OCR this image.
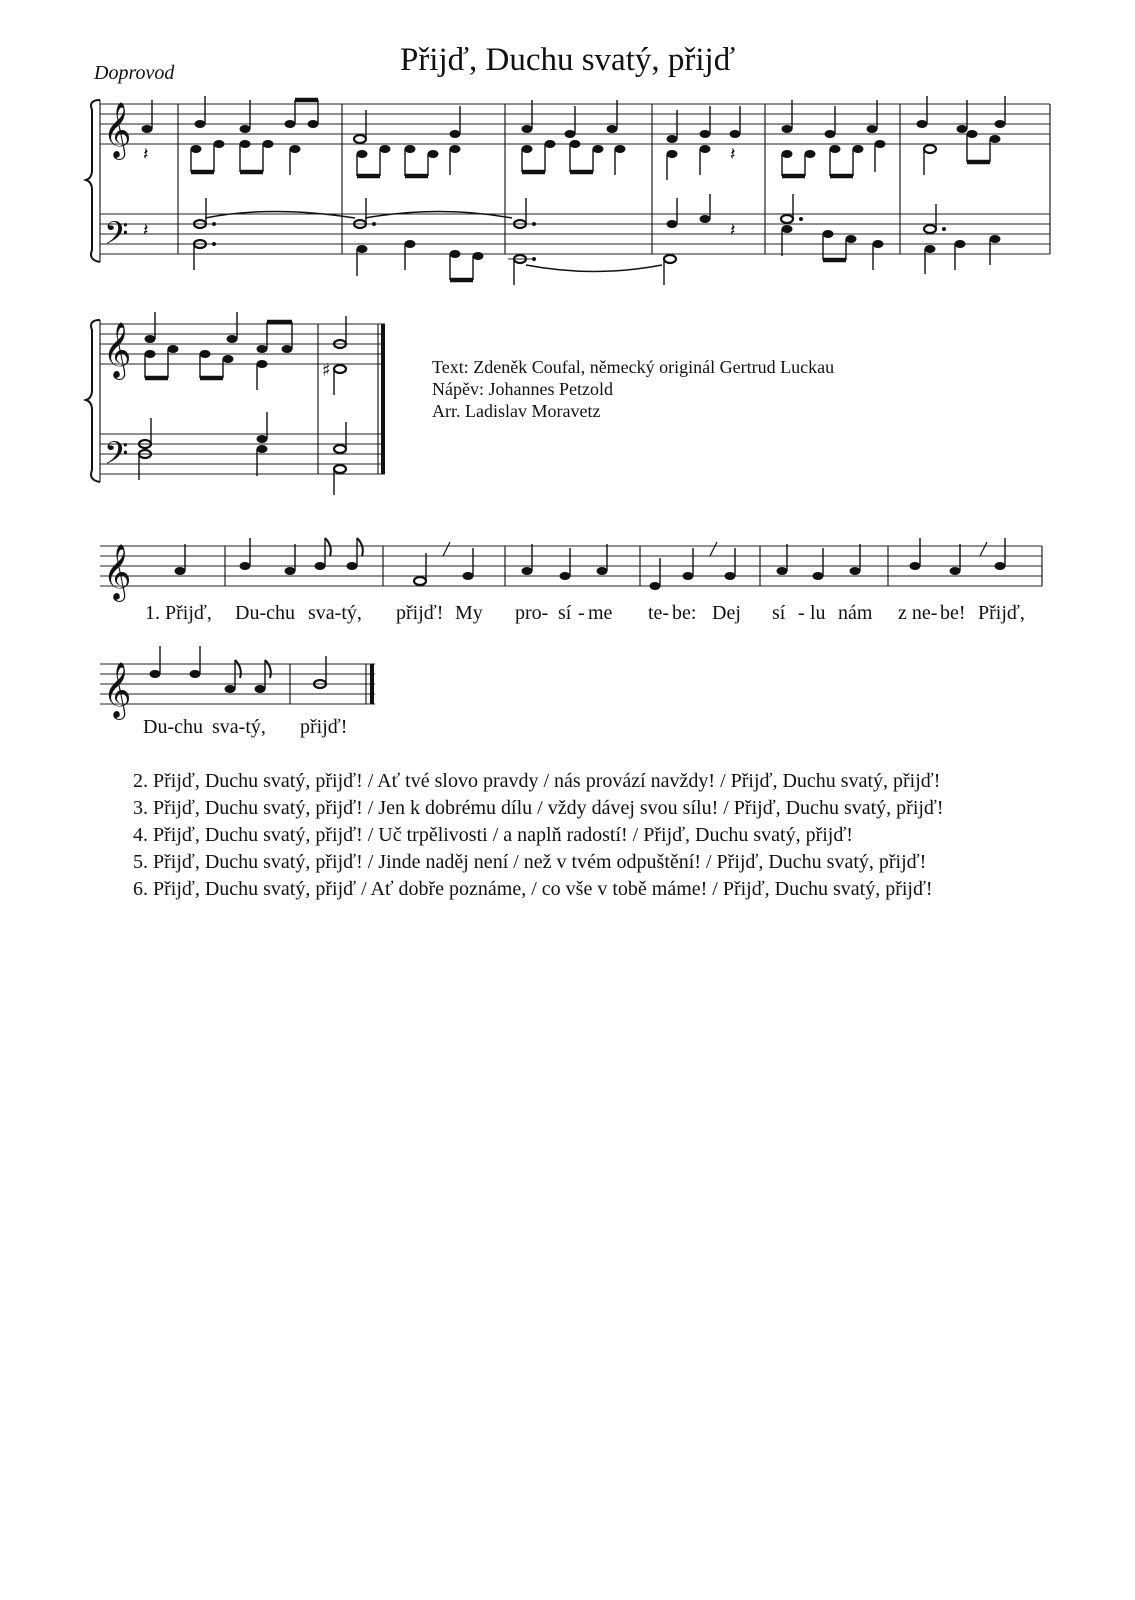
Přijď, Duchu svatý, přijď
Doprovod
𝄞
𝄢
𝄽	𝄽
𝄽	𝄽
𝄞
𝄢
♯
𝄞
𝄞
Text: Zdeněk Coufal, německý originál Gertrud Luckau
Nápěv: Johannes Petzold
Arr. Ladislav Moravetz
1. Přijď, Du-chu sva-tý, přijď! My pro- sí - me te- be: Dej sí - lu nám z ne- be! Přijď,
Du-chu sva-tý, přijď!
2. Přijď, Duchu svatý, přijď! / Ať tvé slovo pravdy / nás provází navždy! / Přijď, Duchu svatý, přijď!
3. Přijď, Duchu svatý, přijď! / Jen k dobrému dílu / vždy dávej svou sílu! / Přijď, Duchu svatý, přijď!
4. Přijď, Duchu svatý, přijď! / Uč trpělivosti / a naplň radostí! / Přijď, Duchu svatý, přijď!
5. Přijď, Duchu svatý, přijď! / Jinde naděj není / než v tvém odpuštění! / Přijď, Duchu svatý, přijď!
6. Přijď, Duchu svatý, přijď / Ať dobře poznáme, / co vše v tobě máme! / Přijď, Duchu svatý, přijď!
